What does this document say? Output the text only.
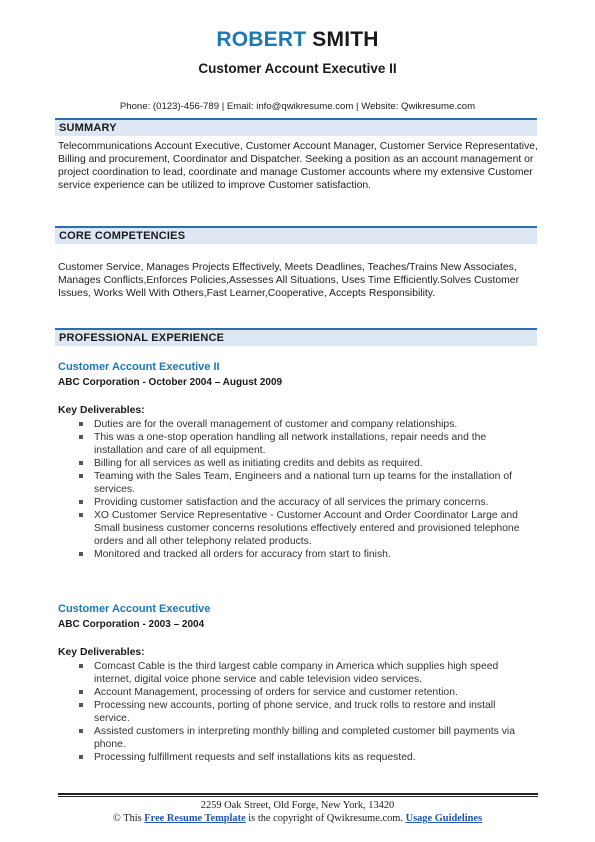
ROBERT SMITH
Customer Account Executive II
Phone: (0123)-456-789 | Email: info@qwikresume.com | Website: Qwikresume.com
SUMMARY
Telecommunications Account Executive, Customer Account Manager, Customer Service Representative, Billing and procurement, Coordinator and Dispatcher. Seeking a position as an account management or project coordination to lead, coordinate and manage Customer accounts where my extensive Customer service experience can be utilized to improve Customer satisfaction.
CORE COMPETENCIES
Customer Service, Manages Projects Effectively, Meets Deadlines, Teaches/Trains New Associates, Manages Conflicts,Enforces Policies,Assesses All Situations, Uses Time Efficiently.Solves Customer Issues, Works Well With Others,Fast Learner,Cooperative, Accepts Responsibility.
PROFESSIONAL EXPERIENCE
Customer Account Executive II
ABC Corporation - October 2004 – August 2009
Key Deliverables:
Duties are for the overall management of customer and company relationships.
This was a one-stop operation handling all network installations, repair needs and the installation and care of all equipment.
Billing for all services as well as initiating credits and debits as required.
Teaming with the Sales Team, Engineers and a national turn up teams for the installation of services.
Providing customer satisfaction and the accuracy of all services the primary concerns.
XO Customer Service Representative - Customer Account and Order Coordinator Large and Small business customer concerns resolutions effectively entered and provisioned telephone orders and all other telephony related products.
Monitored and tracked all orders for accuracy from start to finish.
Customer Account Executive
ABC Corporation - 2003 – 2004
Key Deliverables:
Comcast Cable is the third largest cable company in America which supplies high speed internet, digital voice phone service and cable television video services.
Account Management, processing of orders for service and customer retention.
Processing new accounts, porting of phone service, and truck rolls to restore and install service.
Assisted customers in interpreting monthly billing and completed customer bill payments via phone.
Processing fulfillment requests and self installations kits as requested.
2259 Oak Street, Old Forge, New York, 13420
© This Free Resume Template is the copyright of Qwikresume.com. Usage Guidelines
